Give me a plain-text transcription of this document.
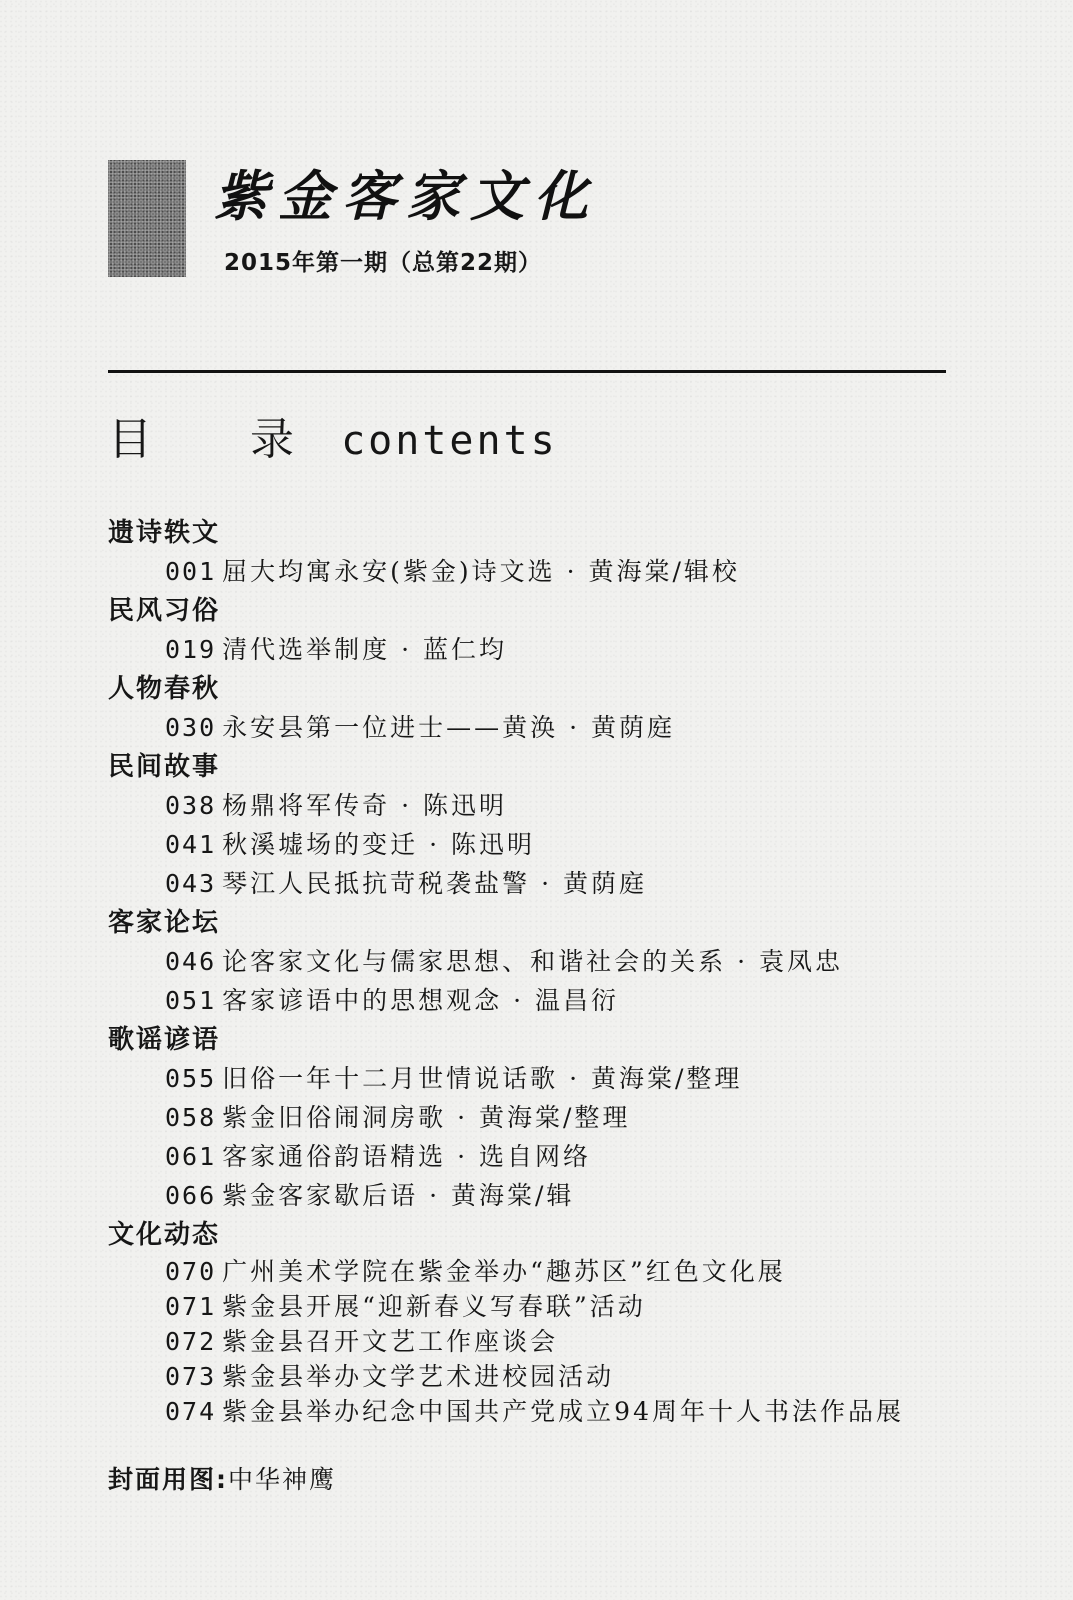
紫金客家文化
2015年第一期（总第22期）
目 录 contents
遗诗轶文
001 屈大均寓永安(紫金)诗文选 · 黄海棠/辑校
民风习俗
019 清代选举制度 · 蓝仁均
人物春秋
030 永安县第一位进士——黄涣 · 黄荫庭
民间故事
038 杨鼎将军传奇 · 陈迅明
041 秋溪墟场的变迁 · 陈迅明
043 琴江人民抵抗苛税袭盐警 · 黄荫庭
客家论坛
046 论客家文化与儒家思想、和谐社会的关系 · 袁凤忠
051 客家谚语中的思想观念 · 温昌衍
歌谣谚语
055 旧俗一年十二月世情说话歌 · 黄海棠/整理
058 紫金旧俗闹洞房歌 · 黄海棠/整理
061 客家通俗韵语精选 · 选自网络
066 紫金客家歇后语 · 黄海棠/辑
文化动态
070 广州美术学院在紫金举办“趣苏区”红色文化展
071 紫金县开展“迎新春义写春联”活动
072 紫金县召开文艺工作座谈会
073 紫金县举办文学艺术进校园活动
074 紫金县举办纪念中国共产党成立94周年十人书法作品展
封面用图:中华神鹰
